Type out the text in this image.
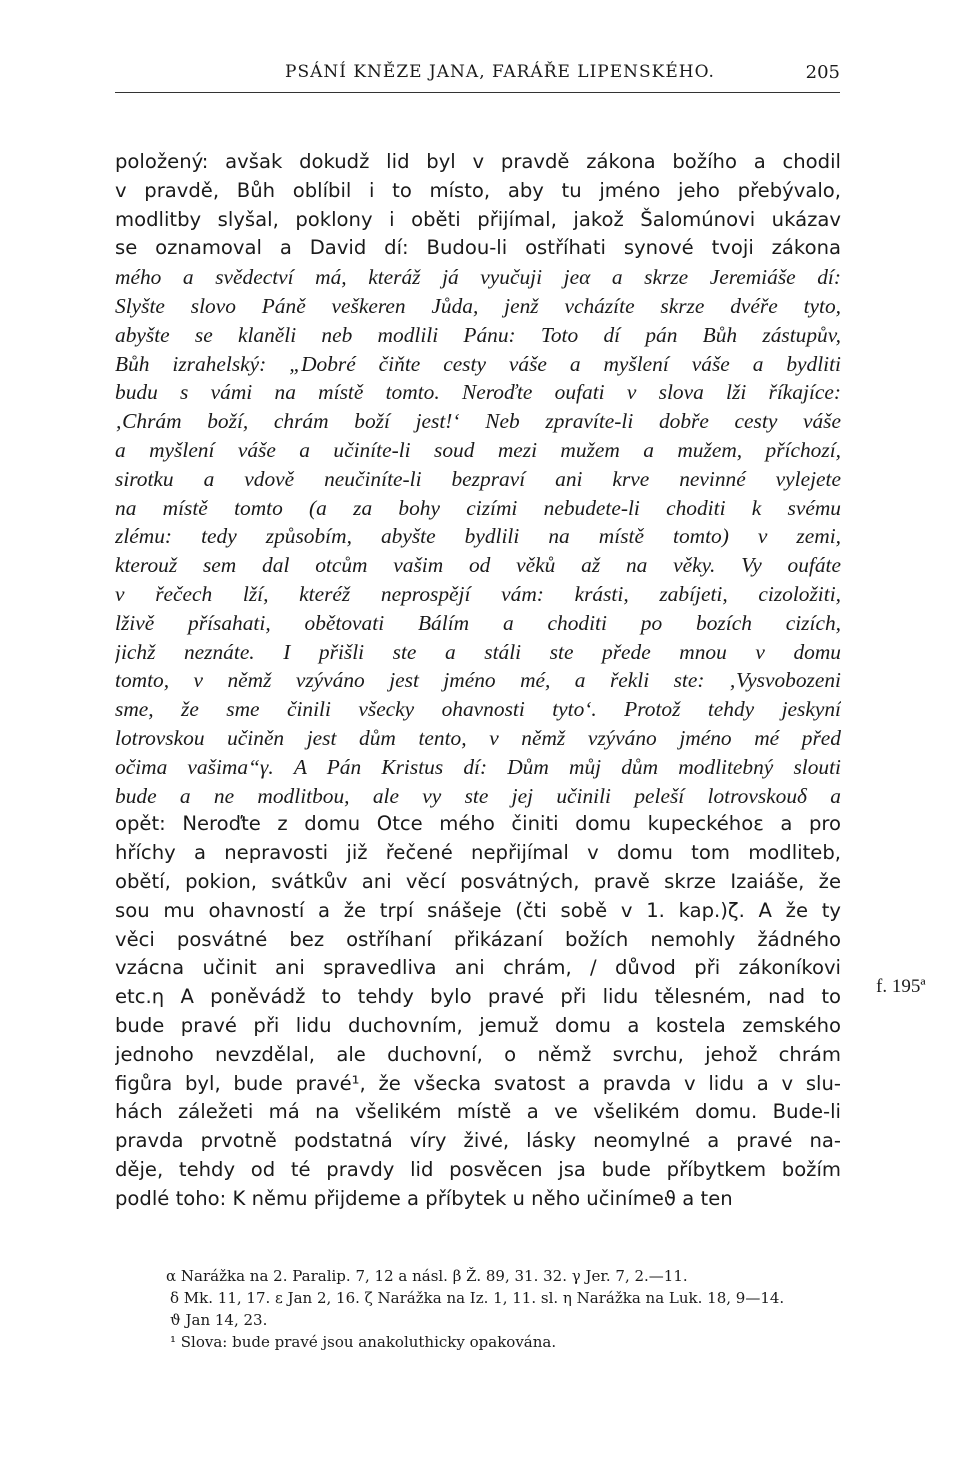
PSÁNÍ KNĚZE JANA, FARÁŘE LIPENSKÉHO.	205
položený: avšak dokudž lid byl v pravdě zákona božího a chodil
v pravdě, Bůh oblíbil i to místo, aby tu jméno jeho přebývalo,
modlitby slyšal, poklony i oběti přijímal, jakož Šalomúnovi ukázav
se oznamoval a David dí: Budou-li ostříhati synové tvoji zákona
mého a svědectví má, kteráž já vyučuji jeα a skrze Jeremiáše dí:
Slyšte slovo Páně veškeren Jůda, jenž vcházíte skrze dvéře tyto,
abyšte se klaněli neb modlili Pánu: Toto dí pán Bůh zástupův,
Bůh izrahelský: „Dobré čiňte cesty váše a myšlení váše a bydliti
budu s vámi na místě tomto. Neroďte oufati v slova lži říkajíce:
‚Chrám boží, chrám boží jest!‘ Neb zpravíte-li dobře cesty váše
a myšlení váše a učiníte-li soud mezi mužem a mužem, příchozí,
sirotku a vdově neučiníte-li bezpraví ani krve nevinné vylejete
na místě tomto (a za bohy cizími nebudete-li choditi k svému
zlému: tedy způsobím, abyšte bydlili na místě tomto) v zemi,
kterouž sem dal otcům vašim od věků až na věky. Vy oufáte
v řečech lží, kteréž neprospějí vám: krásti, zabíjeti, cizoložiti,
lživě přísahati, obětovati Bálím a choditi po bozích cizích,
jichž neznáte. I přišli ste a stáli ste přede mnou v domu
tomto, v němž vzýváno jest jméno mé, a řekli ste: ‚Vysvobozeni
sme, že sme činili všecky ohavnosti tyto‘. Protož tehdy jeskyní
lotrovskou učiněn jest dům tento, v němž vzýváno jméno mé před
očima vašima“γ. A Pán Kristus dí: Dům můj dům modlitebný slouti
bude a ne modlitbou, ale vy ste jej učinili peleší lotrovskouδ a
opět: Neroďte z domu Otce mého činiti domu kupeckéhoε a pro
hříchy a nepravosti již řečené nepřijímal v domu tom modliteb,
obětí, pokion, svátkův ani věcí posvátných, pravě skrze Izaiáše, že
sou mu ohavností a že trpí snášeje (čti sobě v 1. kap.)ζ. A že ty
věci posvátné bez ostříhaní přikázaní božích nemohly žádného
vzácna učinit ani spravedliva ani chrám, / důvod při zákoníkovi
etc.η A poněvádž to tehdy bylo pravé při lidu tělesném, nad to
bude pravé při lidu duchovním, jemuž domu a kostela zemského
jednoho nevzdělal, ale duchovní, o němž svrchu, jehož chrám
figůra byl, bude pravé¹, že všecka svatost a pravda v lidu a v slu-
hách záležeti má na všelikém místě a ve všelikém domu. Bude-li
pravda prvotně podstatná víry živé, lásky neomylné a pravé na-
děje, tehdy od té pravdy lid posvěcen jsa bude příbytkem božím
podlé toho: K němu přijdeme a příbytek u něho učinímeϑ a ten
f. 195ª
α Narážka na 2. Paralip. 7, 12 a násl. β Ž. 89, 31. 32. γ Jer. 7, 2.—11.
δ Mk. 11, 17. ε Jan 2, 16. ζ Narážka na Iz. 1, 11. sl. η Narážka na Luk. 18, 9—14.
ϑ Jan 14, 23.
¹ Slova: bude pravé jsou anakoluthicky opakována.
